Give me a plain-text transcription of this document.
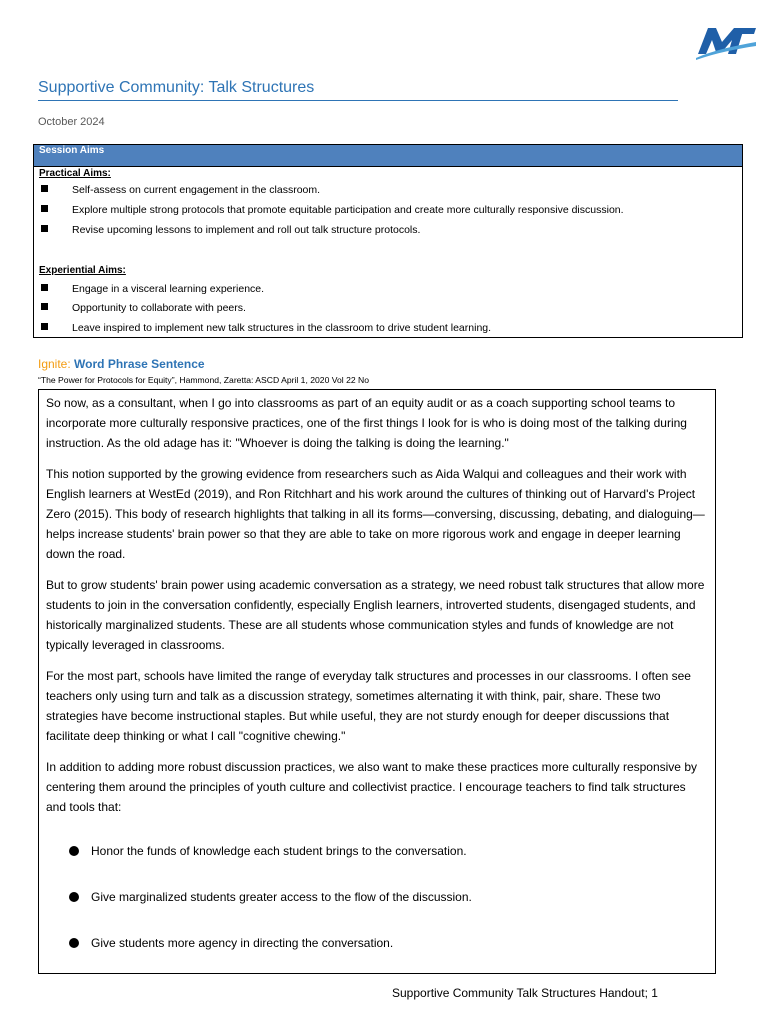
Supportive Community: Talk Structures
October 2024
Session Aims
Practical Aims:
Self-assess on current engagement in the classroom.
Explore multiple strong protocols that promote equitable participation and create more culturally responsive discussion.
Revise upcoming lessons to implement and roll out talk structure protocols.
Experiential Aims:
Engage in a visceral learning experience.
Opportunity to collaborate with peers.
Leave inspired to implement new talk structures in the classroom to drive student learning.
Ignite: Word Phrase Sentence
“The Power for Protocols for Equity”, Hammond, Zaretta: ASCD April 1, 2020 Vol 22 No

So now, as a consultant, when I go into classrooms as part of an equity audit or as a coach supporting school teams to incorporate more culturally responsive practices, one of the first things I look for is who is doing most of the talking during instruction. As the old adage has it: "Whoever is doing the talking is doing the learning."

This notion supported by the growing evidence from researchers such as Aida Walqui and colleagues and their work with English learners at WestEd (2019), and Ron Ritchhart and his work around the cultures of thinking out of Harvard's Project Zero (2015). This body of research highlights that talking in all its forms—conversing, discussing, debating, and dialoguing—helps increase students' brain power so that they are able to take on more rigorous work and engage in deeper learning down the road.

But to grow students' brain power using academic conversation as a strategy, we need robust talk structures that allow more students to join in the conversation confidently, especially English learners, introverted students, disengaged students, and historically marginalized students. These are all students whose communication styles and funds of knowledge are not typically leveraged in classrooms.

For the most part, schools have limited the range of everyday talk structures and processes in our classrooms. I often see teachers only using turn and talk as a discussion strategy, sometimes alternating it with think, pair, share. These two strategies have become instructional staples. But while useful, they are not sturdy enough for deeper discussions that facilitate deep thinking or what I call "cognitive chewing."

In addition to adding more robust discussion practices, we also want to make these practices more culturally responsive by centering them around the principles of youth culture and collectivist practice. I encourage teachers to find talk structures and tools that:

Honor the funds of knowledge each student brings to the conversation.
Give marginalized students greater access to the flow of the discussion.
Give students more agency in directing the conversation.
Supportive Community Talk Structures Handout; 1
